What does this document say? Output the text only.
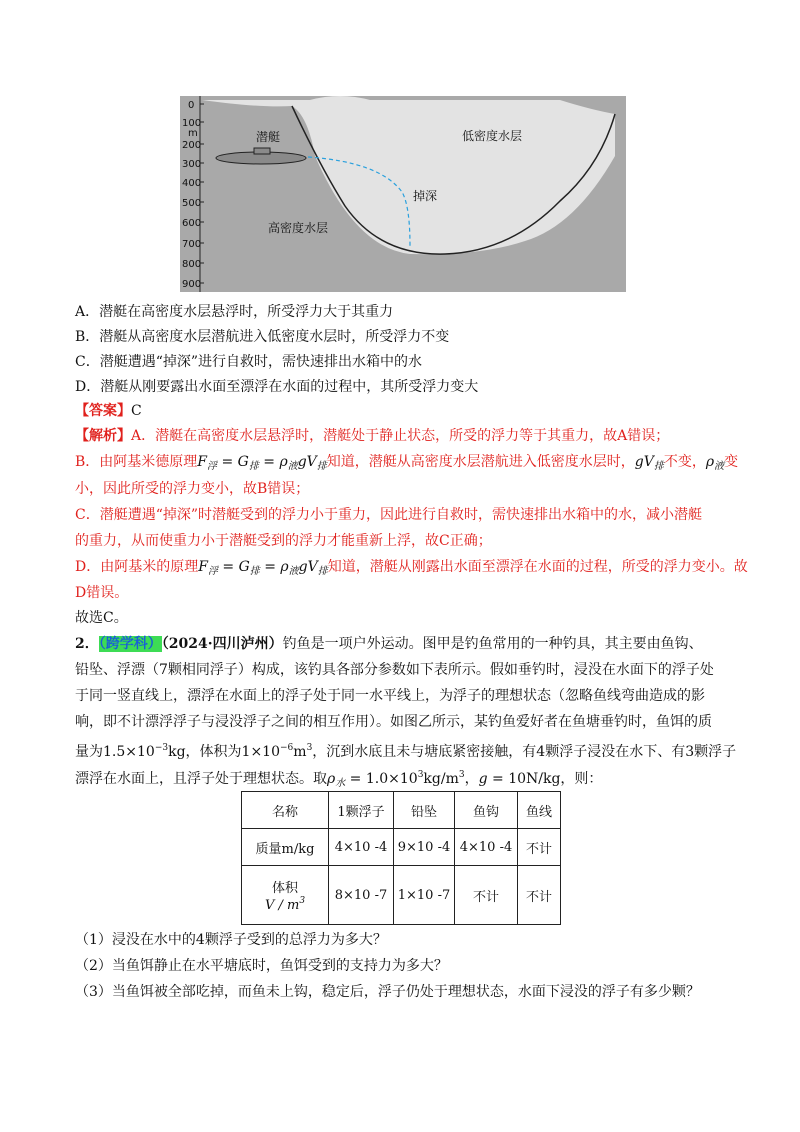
0
100
m
200
300
400
500
600
700
800
900
潜艇	低密度水层
掉深
高密度水层
A．潜艇在高密度水层悬浮时，所受浮力大于其重力
B．潜艇从高密度水层潜航进入低密度水层时，所受浮力不变
C．潜艇遭遇“掉深”进行自救时，需快速排出水箱中的水
D．潜艇从刚要露出水面至漂浮在水面的过程中，其所受浮力变大
【答案】C
【解析】A．潜艇在高密度水层悬浮时，潜艇处于静止状态，所受的浮力等于其重力，故A错误；
B．由阿基米德原理$F_浮 = G_排 = \rho_液gV_排$知道，潜艇从高密度水层潜航进入低密度水层时，$gV_排$不变，$\rho_液$变
小，因此所受的浮力变小，故B错误；
C．潜艇遭遇“掉深”时潜艇受到的浮力小于重力，因此进行自救时，需快速排出水箱中的水，减小潜艇
的重力，从而使重力小于潜艇受到的浮力才能重新上浮，故C正确；
D．由阿基米的原理$F_浮 = G_排 = \rho_液gV_排$知道，潜艇从刚露出水面至漂浮在水面的过程，所受的浮力变小。故
D错误。
故选C。
2．（跨学科）（2024·四川泸州）钓鱼是一项户外运动。图甲是钓鱼常用的一种钓具，其主要由鱼钩、
铅坠、浮漂（7颗相同浮子）构成，该钓具各部分参数如下表所示。假如垂钓时，浸没在水面下的浮子处
于同一竖直线上，漂浮在水面上的浮子处于同一水平线上，为浮子的理想状态（忽略鱼线弯曲造成的影
响，即不计漂浮浮子与浸没浮子之间的相互作用）。如图乙所示，某钓鱼爱好者在鱼塘垂钓时，鱼饵的质
量为$1.5\times 10^{-3}kg$，体积为$1\times 10^{-6}m^3$，沉到水底且未与塘底紧密接触，有4颗浮子浸没在水下、有3颗浮子
漂浮在水面上，且浮子处于理想状态。取$\rho_水 = 1.0\times 10^3kg/m^3$，g = 10N/kg，则：
名称	1颗浮子	铅坠	鱼钩	鱼线
质量m/kg	4×10 -4	9×10 -4	4×10 -4	不计

体积
V / $m^3$	8×10 -7	1×10 -7	不计	不计
（1）浸没在水中的4颗浮子受到的总浮力为多大？
（2）当鱼饵静止在水平塘底时，鱼饵受到的支持力为多大？
（3）当鱼饵被全部吃掉，而鱼未上钩，稳定后，浮子仍处于理想状态，水面下浸没的浮子有多少颗？
